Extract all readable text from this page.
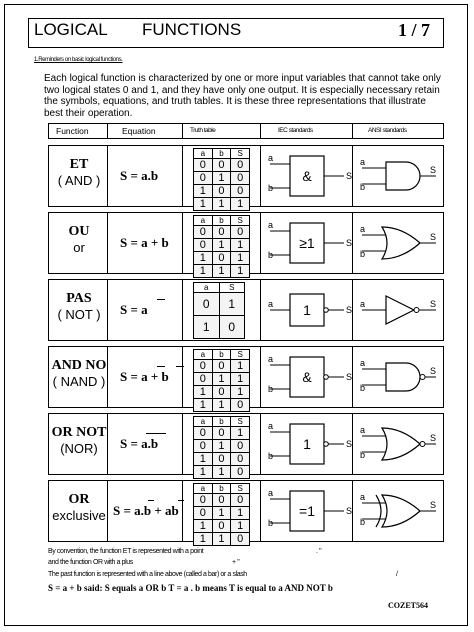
LOGICAL FUNCTIONS	1 / 7
1.Reminders on basic logical functions.
Each logical function is characterized by one or more input variables that cannot take only two logical states 0 and 1, and they have only one output. It is especially necessary retain the symbols, equations, and truth tables. It is these three representations that illustrate best their operation.
Function	Equation	Truth table	IEC standards	ANSI standards
ET
( AND )	S = a.b
a	b	S
0	0	0
0	1	0
1	0	0
1	1	1
&
a
b
S
a
b
S
OU
or	S = a + b
a	b	S
0	0	0
0	1	1
1	0	1
1	1	1
≥1
a
b
S
a
b
S
PAS
( NOT )	S = a
a	S
0	1
1	0
1
a
S
a	S
AND NO
( NAND )	S = a + b
a	b	S
0	0	1
0	1	1
1	0	1
1	1	0
&
a
b
S
a
b
S
OR NOT
(NOR)	S = a.b
a	b	S
0	0	1
0	1	0
1	0	0
1	1	0
1
a
b
S
a
b
S
OR
exclusive S = a.b + ab
a	b	S
0	0	0
0	1	1
1	0	1
1	1	0
=1
a
b
S
a
b
S
By convention, the function ET is represented with a point	. "
and the function OR with a plus	+ "
The past function is represented with a line above (called a bar) or a slash	/
S = a + b said: S equals a OR b T = a . b means T is equal to a AND NOT b
COZET564
